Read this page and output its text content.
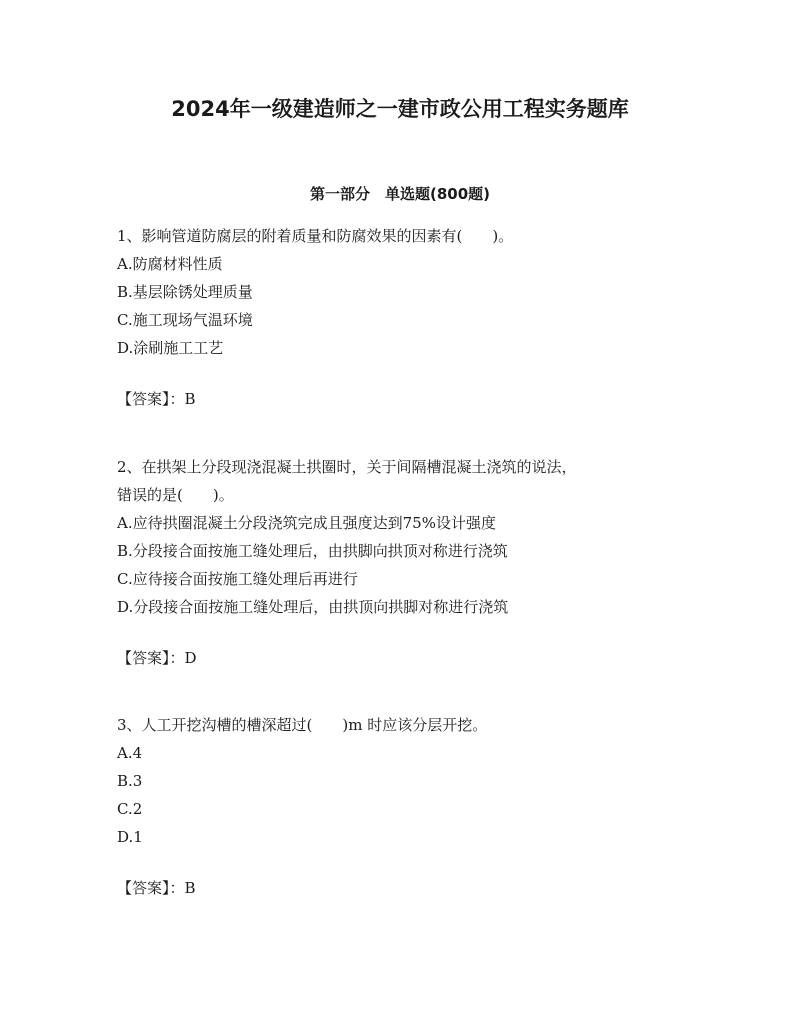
2024年一级建造师之一建市政公用工程实务题库
第一部分　单选题(800题)

1、影响管道防腐层的附着质量和防腐效果的因素有(　　)。

A.防腐材料性质

B.基层除锈处理质量

C.施工现场气温环境

D.涂刷施工工艺

【答案】：B

2、在拱架上分段现浇混凝土拱圈时，关于间隔槽混凝土浇筑的说法，

错误的是(　　)。

A.应待拱圈混凝土分段浇筑完成且强度达到75%设计强度

B.分段接合面按施工缝处理后，由拱脚向拱顶对称进行浇筑

C.应待接合面按施工缝处理后再进行

D.分段接合面按施工缝处理后，由拱顶向拱脚对称进行浇筑

【答案】：D

3、人工开挖沟槽的槽深超过(　　)m 时应该分层开挖。

A.4

B.3

C.2

D.1

【答案】：B
